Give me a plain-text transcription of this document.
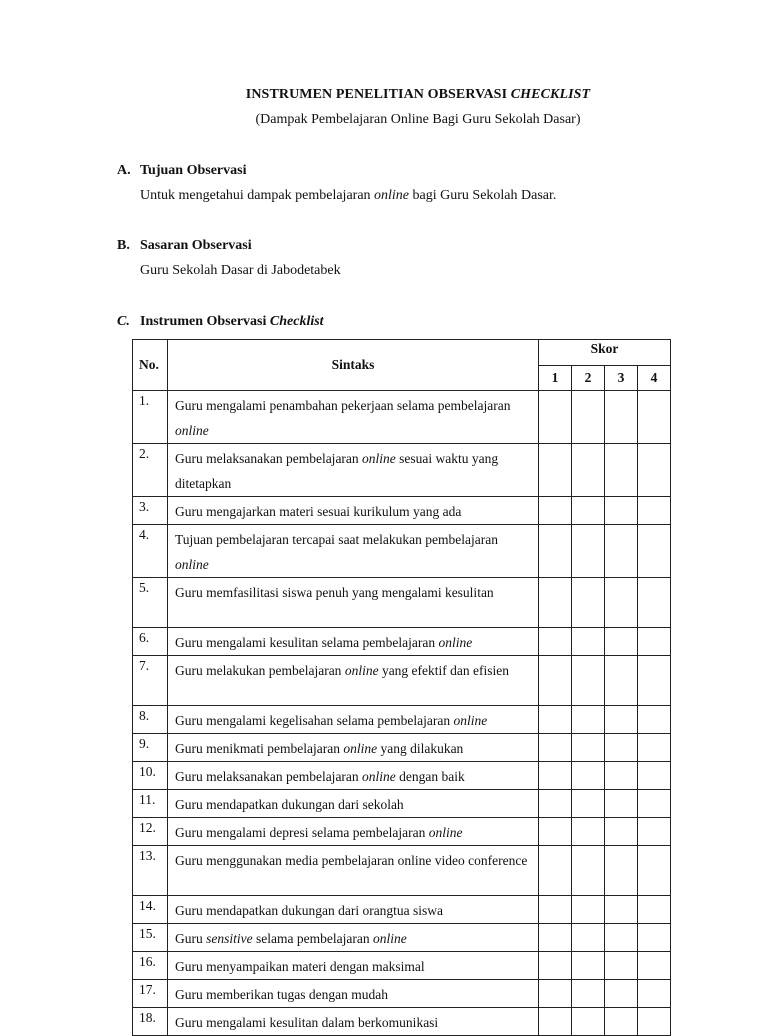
INSTRUMEN PENELITIAN OBSERVASI CHECKLIST
(Dampak Pembelajaran Online Bagi Guru Sekolah Dasar)
A. Tujuan Observasi
Untuk mengetahui dampak pembelajaran online bagi Guru Sekolah Dasar.
B. Sasaran Observasi
Guru Sekolah Dasar di Jabodetabek
C. Instrumen Observasi Checklist
No.	Sintaks	Skor			
		1	2	3	4
1.	Guru mengalami penambahan pekerjaan selama pembelajaran online				
2.	Guru melaksanakan pembelajaran online sesuai waktu yang ditetapkan				
3.	Guru mengajarkan materi sesuai kurikulum yang ada				
4.	Tujuan pembelajaran tercapai saat melakukan pembelajaran online				
5.	Guru memfasilitasi siswa penuh yang mengalami kesulitan				
6.	Guru mengalami kesulitan selama pembelajaran online				
7.	Guru melakukan pembelajaran online yang efektif dan efisien				
8.	Guru mengalami kegelisahan selama pembelajaran online				
9.	Guru menikmati pembelajaran online yang dilakukan				
10.	Guru melaksanakan pembelajaran online dengan baik				
11.	Guru mendapatkan dukungan dari sekolah				
12.	Guru mengalami depresi selama pembelajaran online				
13.	Guru menggunakan media pembelajaran online video conference				
14.	Guru mendapatkan dukungan dari orangtua siswa				
15.	Guru sensitive selama pembelajaran online				
16.	Guru menyampaikan materi dengan maksimal				
17.	Guru memberikan tugas dengan mudah				
18.	Guru mengalami kesulitan dalam berkomunikasi				
